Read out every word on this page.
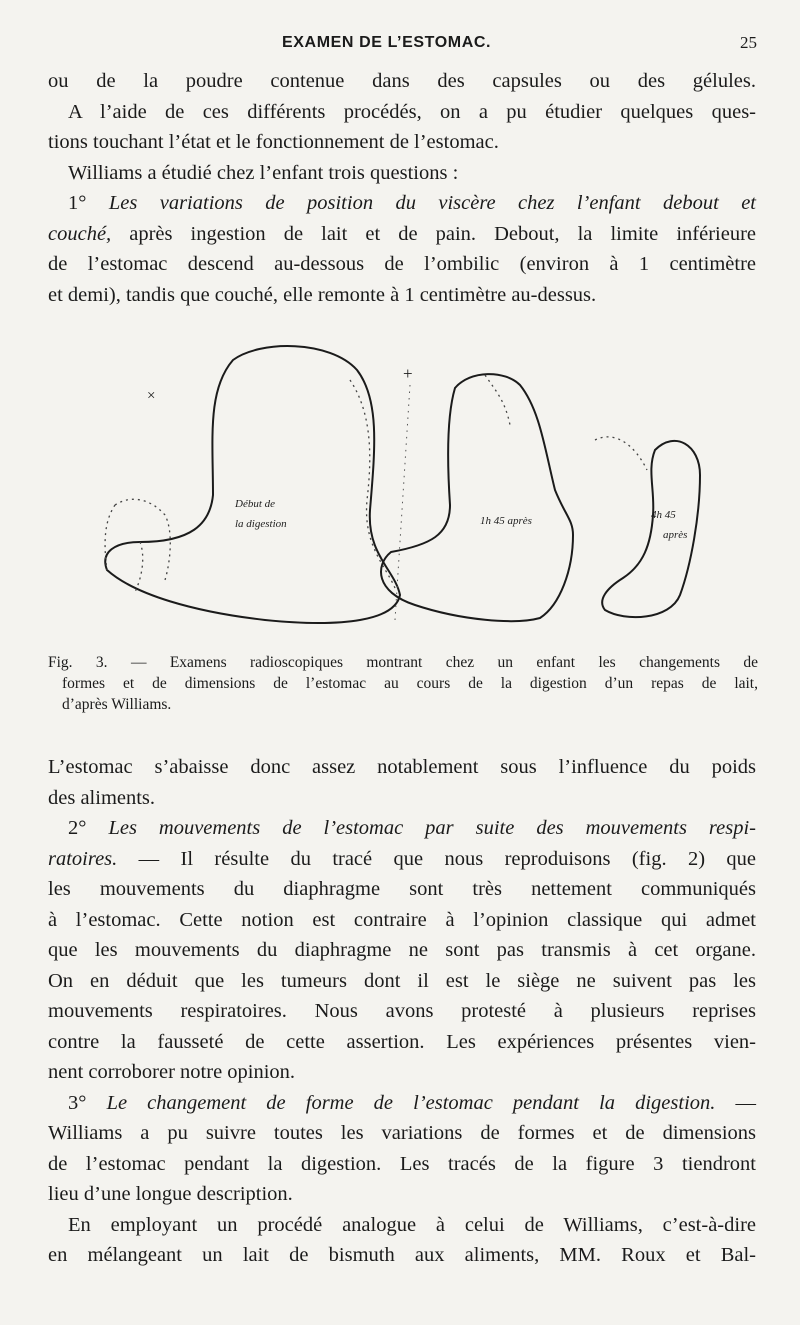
EXAMEN DE L’ESTOMAC.	25
ou de la poudre contenue dans des capsules ou des gélules.
A l’aide de ces différents procédés, on a pu étudier quelques ques-
tions touchant l’état et le fonctionnement de l’estomac.
Williams a étudié chez l’enfant trois questions :
1° Les variations de position du viscère chez l’enfant debout et
couché, après ingestion de lait et de pain. Debout, la limite inférieure
de l’estomac descend au-dessous de l’ombilic (environ à 1 centimètre
et demi), tandis que couché, elle remonte à 1 centimètre au-dessus.
×
+
Début de
la digestion	1h 45 après	4h 45
après
Fig. 3. — Examens radioscopiques montrant chez un enfant les changements de
formes et de dimensions de l’estomac au cours de la digestion d’un repas de lait,
d’après Williams.
L’estomac s’abaisse donc assez notablement sous l’influence du poids
des aliments.
2° Les mouvements de l’estomac par suite des mouvements respi-
ratoires. — Il résulte du tracé que nous reproduisons (fig. 2) que
les mouvements du diaphragme sont très nettement communiqués
à l’estomac. Cette notion est contraire à l’opinion classique qui admet
que les mouvements du diaphragme ne sont pas transmis à cet organe.
On en déduit que les tumeurs dont il est le siège ne suivent pas les
mouvements respiratoires. Nous avons protesté à plusieurs reprises
contre la fausseté de cette assertion. Les expériences présentes vien-
nent corroborer notre opinion.
3° Le changement de forme de l’estomac pendant la digestion. —
Williams a pu suivre toutes les variations de formes et de dimensions
de l’estomac pendant la digestion. Les tracés de la figure 3 tiendront
lieu d’une longue description.
En employant un procédé analogue à celui de Williams, c’est-à-dire
en mélangeant un lait de bismuth aux aliments, MM. Roux et Bal-
